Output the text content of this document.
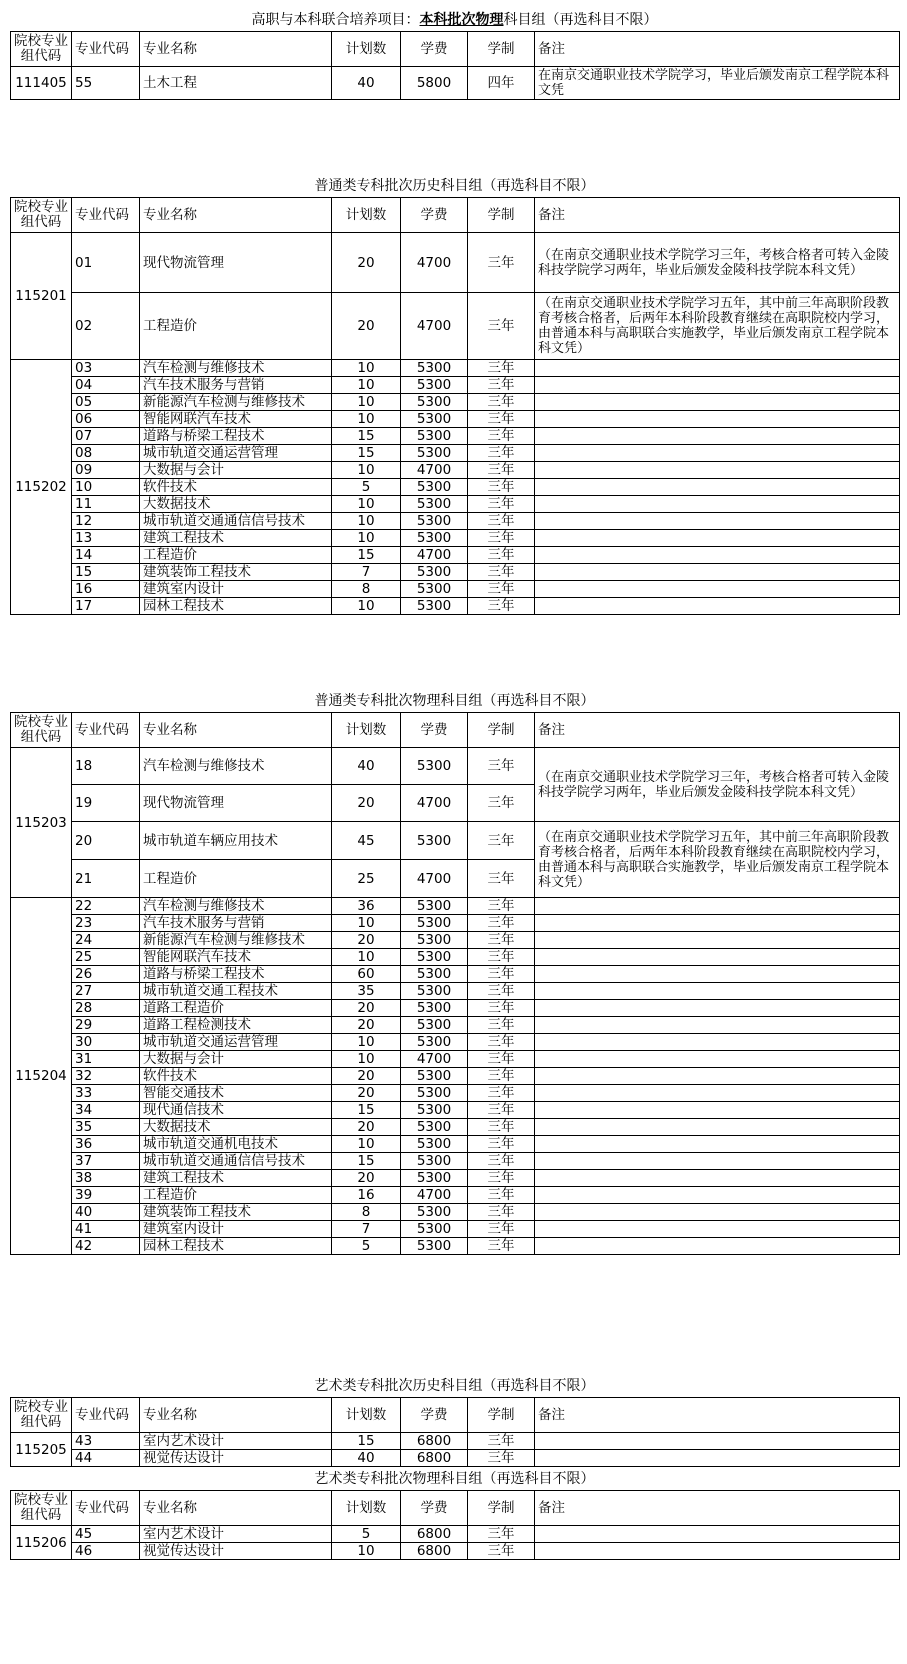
高职与本科联合培养项目：本科批次物理科目组（再选科目不限）
院校专业组代码	专业代码	专业名称	计划数	学费	学制	备注
111405	55	土木工程	40	5800	四年	在南京交通职业技术学院学习，毕业后颁发南京工程学院本科文凭
普通类专科批次历史科目组（再选科目不限）
院校专业组代码	专业代码	专业名称	计划数	学费	学制	备注
115201	01	现代物流管理	20	4700	三年	（在南京交通职业技术学院学习三年，考核合格者可转入金陵科技学院学习两年，毕业后颁发金陵科技学院本科文凭）
	02	工程造价	20	4700	三年	（在南京交通职业技术学院学习五年，其中前三年高职阶段教育考核合格者，后两年本科阶段教育继续在高职院校内学习，由普通本科与高职联合实施教学，毕业后颁发南京工程学院本科文凭）
115202	03	汽车检测与维修技术	10	5300	三年	
	04	汽车技术服务与营销	10	5300	三年	
	05	新能源汽车检测与维修技术	10	5300	三年	
	06	智能网联汽车技术	10	5300	三年	
	07	道路与桥梁工程技术	15	5300	三年	
	08	城市轨道交通运营管理	15	5300	三年	
	09	大数据与会计	10	4700	三年	
	10	软件技术	5	5300	三年	
	11	大数据技术	10	5300	三年	
	12	城市轨道交通通信信号技术	10	5300	三年	
	13	建筑工程技术	10	5300	三年	
	14	工程造价	15	4700	三年	
	15	建筑装饰工程技术	7	5300	三年	
	16	建筑室内设计	8	5300	三年	
	17	园林工程技术	10	5300	三年	
普通类专科批次物理科目组（再选科目不限）
院校专业组代码	专业代码	专业名称	计划数	学费	学制	备注
115203	18	汽车检测与维修技术	40	5300	三年	（在南京交通职业技术学院学习三年，考核合格者可转入金陵科技学院学习两年，毕业后颁发金陵科技学院本科文凭）
	19	现代物流管理	20	4700	三年	
	20	城市轨道车辆应用技术	45	5300	三年	（在南京交通职业技术学院学习五年，其中前三年高职阶段教育考核合格者，后两年本科阶段教育继续在高职院校内学习，由普通本科与高职联合实施教学，毕业后颁发南京工程学院本科文凭）
	21	工程造价	25	4700	三年	
115204	22	汽车检测与维修技术	36	5300	三年	
	23	汽车技术服务与营销	10	5300	三年	
	24	新能源汽车检测与维修技术	20	5300	三年	
	25	智能网联汽车技术	10	5300	三年	
	26	道路与桥梁工程技术	60	5300	三年	
	27	城市轨道交通工程技术	35	5300	三年	
	28	道路工程造价	20	5300	三年	
	29	道路工程检测技术	20	5300	三年	
	30	城市轨道交通运营管理	10	5300	三年	
	31	大数据与会计	10	4700	三年	
	32	软件技术	20	5300	三年	
	33	智能交通技术	20	5300	三年	
	34	现代通信技术	15	5300	三年	
	35	大数据技术	20	5300	三年	
	36	城市轨道交通机电技术	10	5300	三年	
	37	城市轨道交通通信信号技术	15	5300	三年	
	38	建筑工程技术	20	5300	三年	
	39	工程造价	16	4700	三年	
	40	建筑装饰工程技术	8	5300	三年	
	41	建筑室内设计	7	5300	三年	
	42	园林工程技术	5	5300	三年	
艺术类专科批次历史科目组（再选科目不限）
院校专业组代码	专业代码	专业名称	计划数	学费	学制	备注
115205	43	室内艺术设计	15	6800	三年	
	44	视觉传达设计	40	6800	三年	
艺术类专科批次物理科目组（再选科目不限）
院校专业组代码	专业代码	专业名称	计划数	学费	学制	备注
115206	45	室内艺术设计	5	6800	三年	
	46	视觉传达设计	10	6800	三年	
